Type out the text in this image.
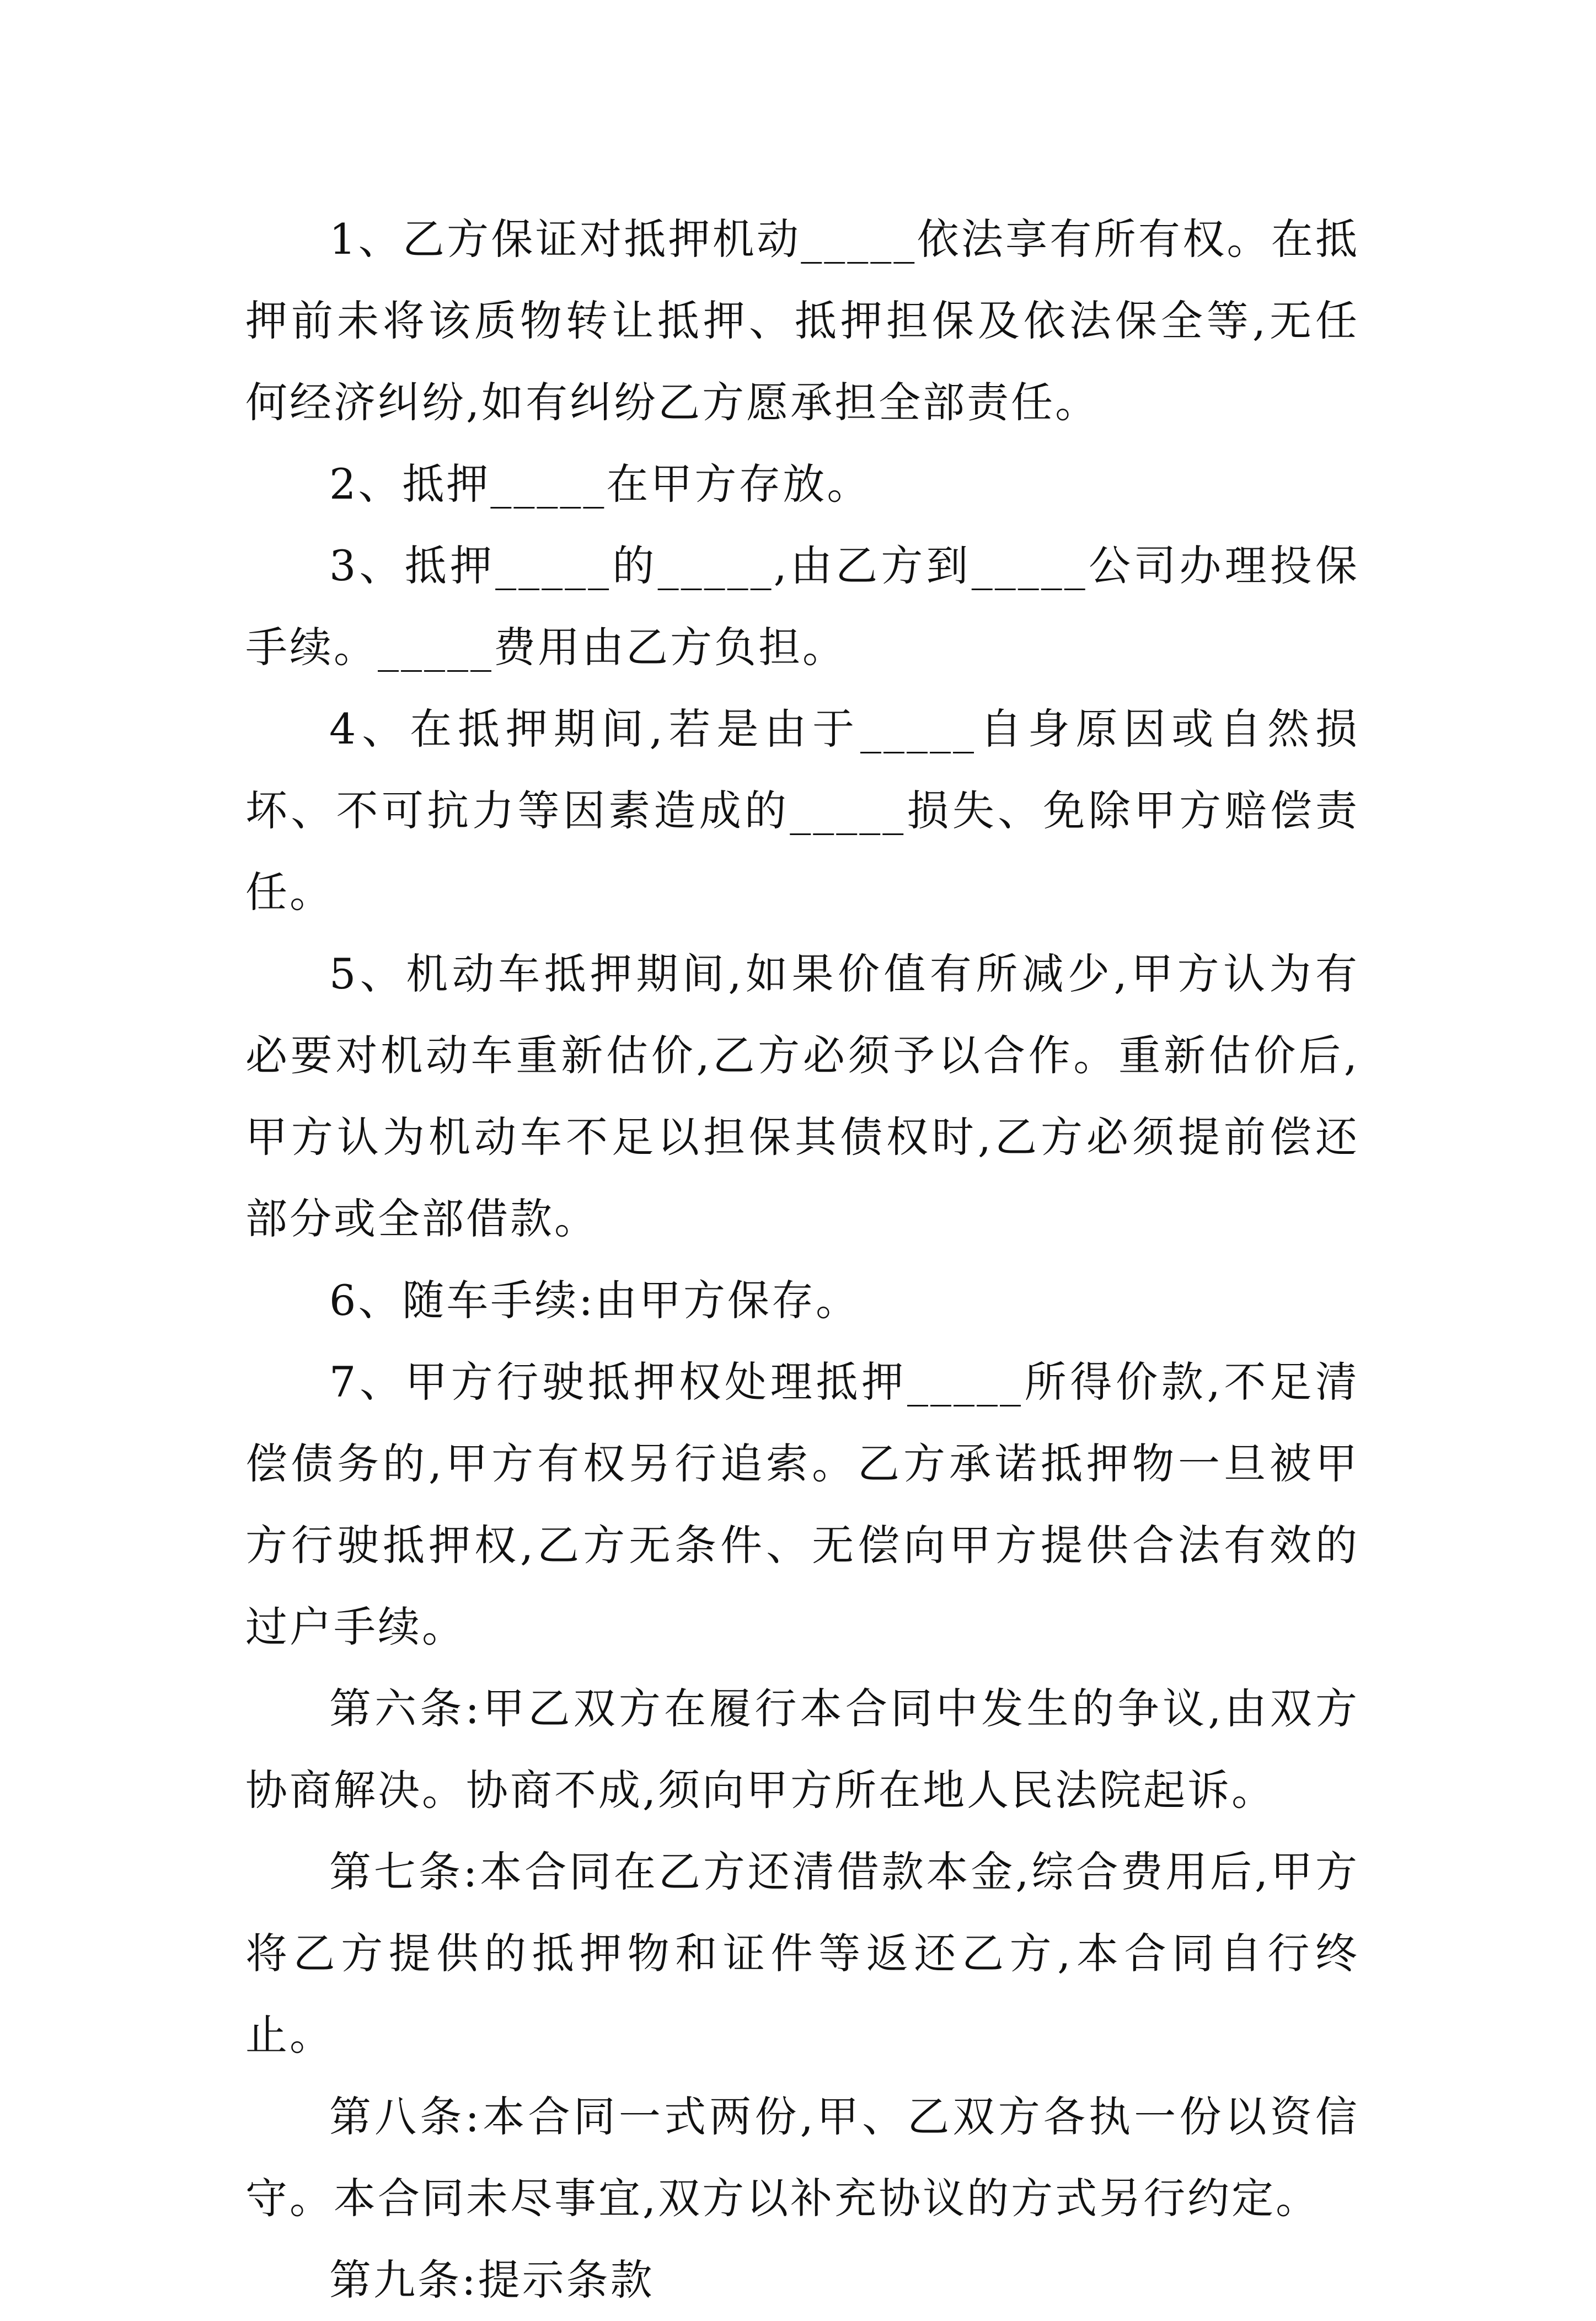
1、乙方保证对抵押机动_____依法享有所有权。在抵押前未将该质物转让抵押、抵押担保及依法保全等,无任何经济纠纷,如有纠纷乙方愿承担全部责任。

2、抵押_____在甲方存放。

3、抵押_____的_____,由乙方到_____公司办理投保手续。_____费用由乙方负担。

4、在抵押期间,若是由于_____自身原因或自然损坏、不可抗力等因素造成的_____损失、免除甲方赔偿责任。

5、机动车抵押期间,如果价值有所减少,甲方认为有必要对机动车重新估价,乙方必须予以合作。重新估价后,甲方认为机动车不足以担保其债权时,乙方必须提前偿还部分或全部借款。

6、随车手续:由甲方保存。

7、甲方行驶抵押权处理抵押_____所得价款,不足清偿债务的,甲方有权另行追索。乙方承诺抵押物一旦被甲方行驶抵押权,乙方无条件、无偿向甲方提供合法有效的过户手续。

第六条:甲乙双方在履行本合同中发生的争议,由双方协商解决。协商不成,须向甲方所在地人民法院起诉。

第七条:本合同在乙方还清借款本金,综合费用后,甲方将乙方提供的抵押物和证件等返还乙方,本合同自行终止。

第八条:本合同一式两份,甲、乙双方各执一份以资信守。本合同未尽事宜,双方以补充协议的方式另行约定。

第九条:提示条款
